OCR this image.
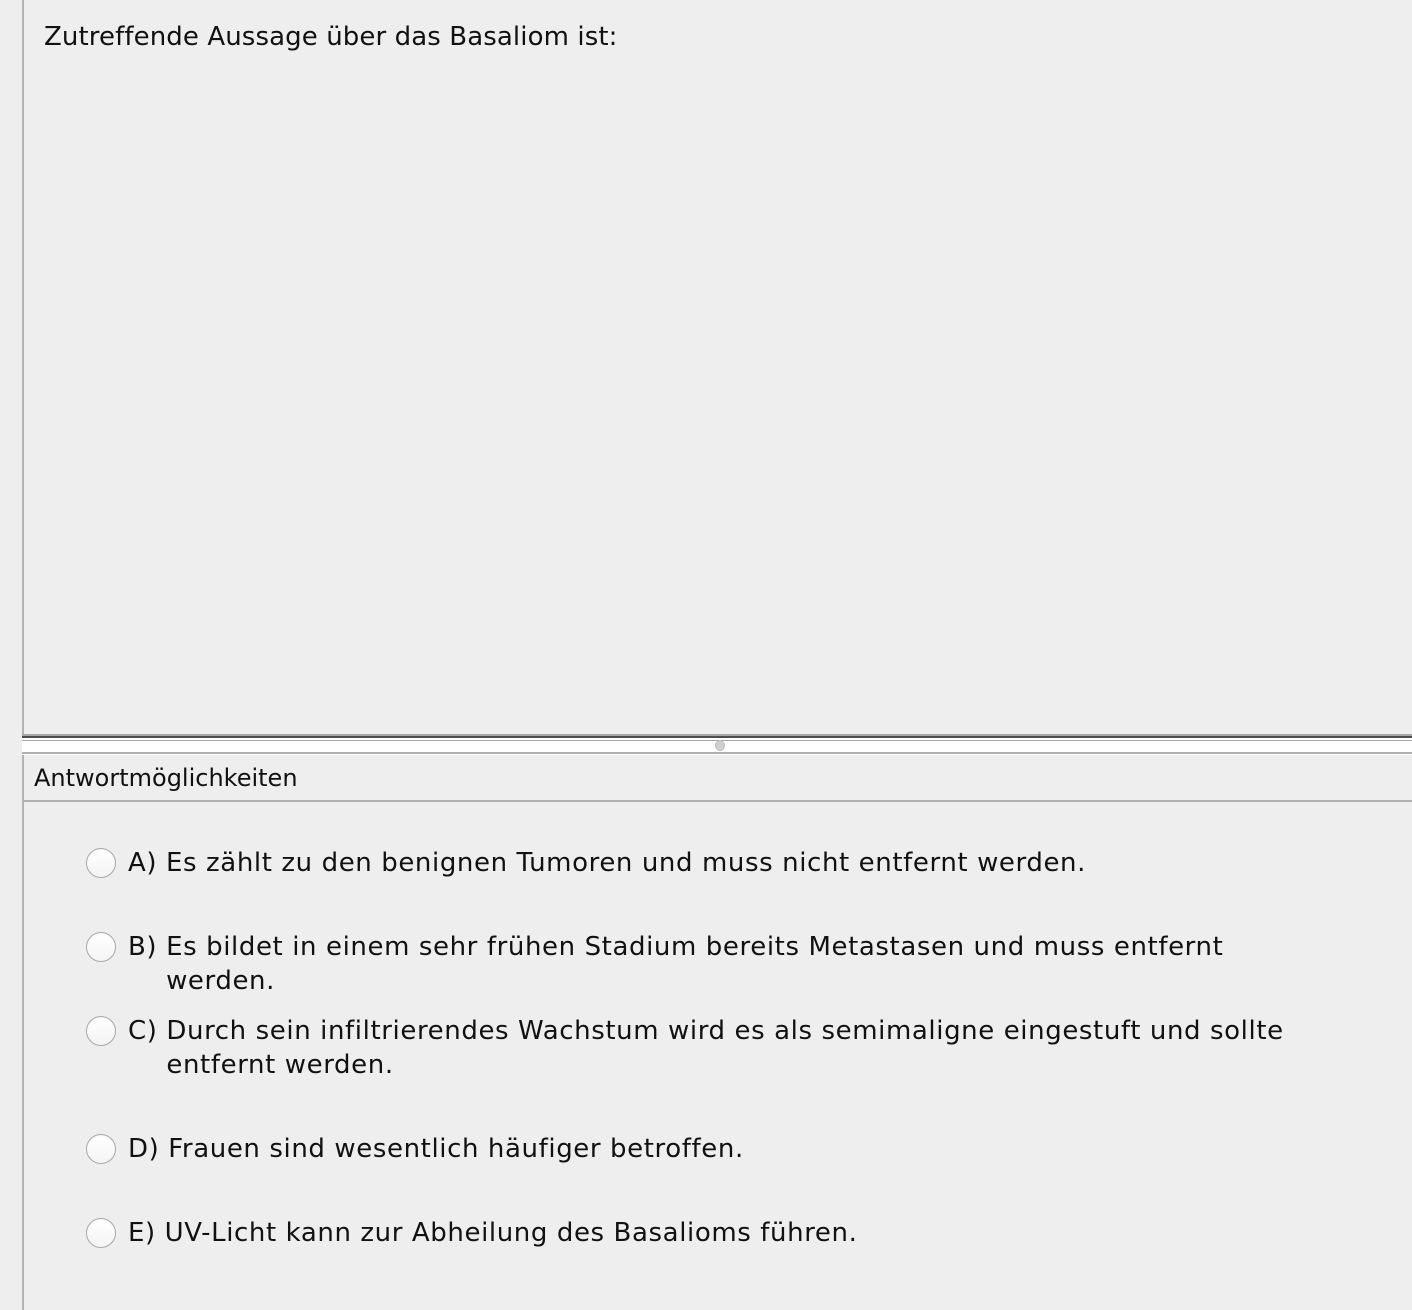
Zutreffende Aussage über das Basaliom ist:
Antwortmöglichkeiten
A)
Es zählt zu den benignen Tumoren und muss nicht entfernt werden.
B)
Es bildet in einem sehr frühen Stadium bereits Metastasen und muss entfernt werden.
C)
Durch sein infiltrierendes Wachstum wird es als semimaligne eingestuft und sollte entfernt werden.
D)
Frauen sind wesentlich häufiger betroffen.
E)
UV-Licht kann zur Abheilung des Basalioms führen.
